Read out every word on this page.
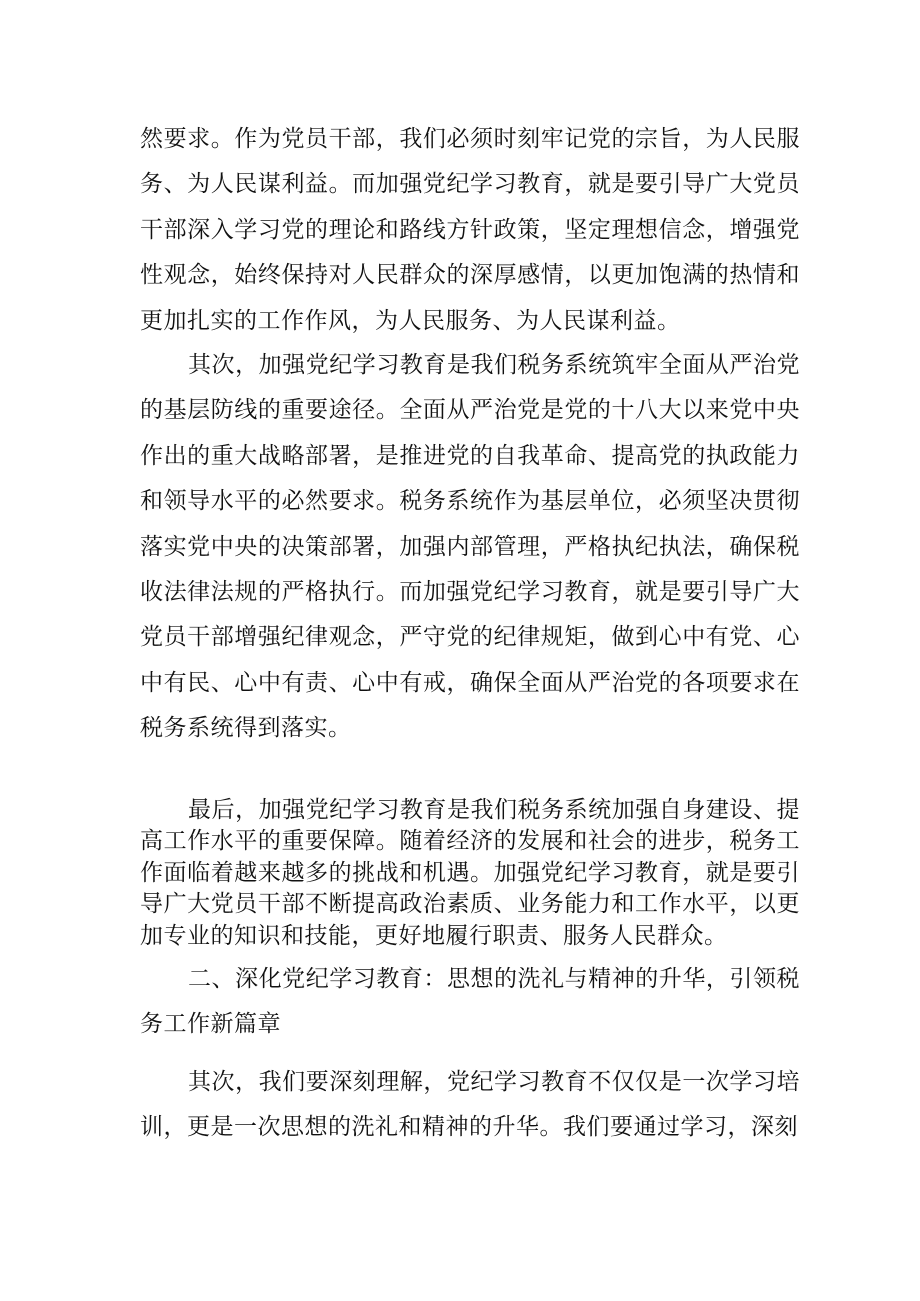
然要求。作为党员干部，我们必须时刻牢记党的宗旨，为人民服务、为人民谋利益。而加强党纪学习教育，就是要引导广大党员干部深入学习党的理论和路线方针政策，坚定理想信念，增强党性观念，始终保持对人民群众的深厚感情，以更加饱满的热情和更加扎实的工作作风，为人民服务、为人民谋利益。

其次，加强党纪学习教育是我们税务系统筑牢全面从严治党的基层防线的重要途径。全面从严治党是党的十八大以来党中央作出的重大战略部署，是推进党的自我革命、提高党的执政能力和领导水平的必然要求。税务系统作为基层单位，必须坚决贯彻落实党中央的决策部署，加强内部管理，严格执纪执法，确保税收法律法规的严格执行。而加强党纪学习教育，就是要引导广大党员干部增强纪律观念，严守党的纪律规矩，做到心中有党、心中有民、心中有责、心中有戒，确保全面从严治党的各项要求在税务系统得到落实。

最后，加强党纪学习教育是我们税务系统加强自身建设、提高工作水平的重要保障。随着经济的发展和社会的进步，税务工作面临着越来越多的挑战和机遇。加强党纪学习教育，就是要引导广大党员干部不断提高政治素质、业务能力和工作水平，以更加专业的知识和技能，更好地履行职责、服务人民群众。

二、深化党纪学习教育：思想的洗礼与精神的升华，引领税务工作新篇章

其次，我们要深刻理解，党纪学习教育不仅仅是一次学习培训，更是一次思想的洗礼和精神的升华。我们要通过学习，深刻
